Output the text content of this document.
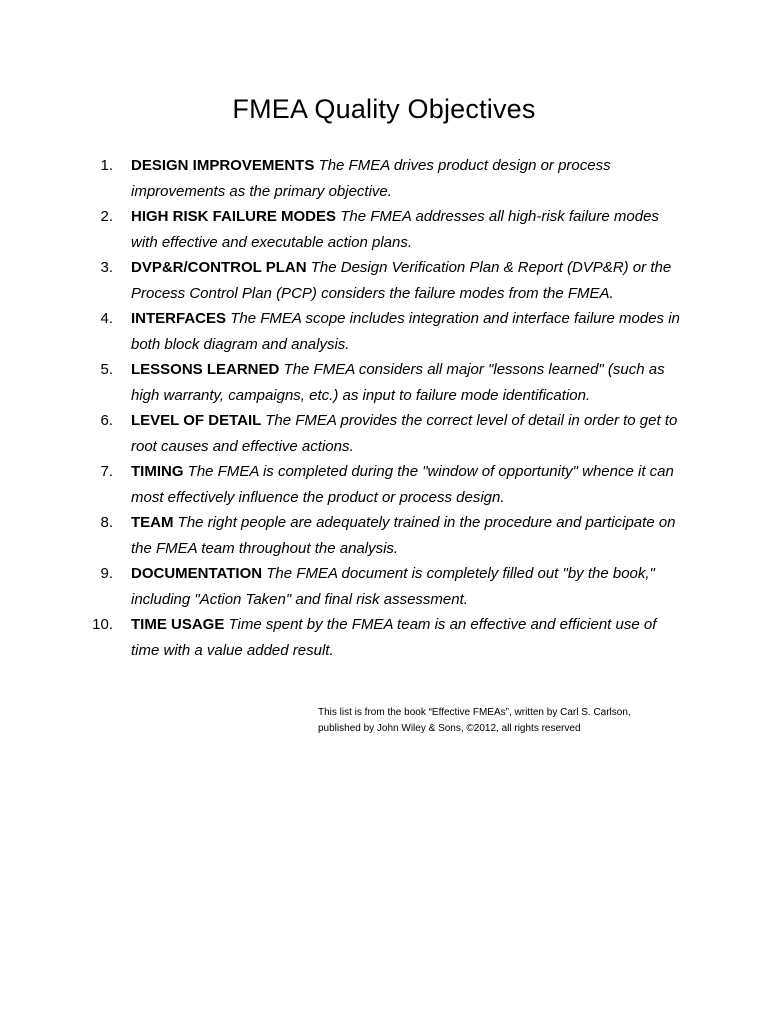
FMEA Quality Objectives
1. DESIGN IMPROVEMENTS The FMEA drives product design or process improvements as the primary objective.
2. HIGH RISK FAILURE MODES The FMEA addresses all high-risk failure modes with effective and executable action plans.
3. DVP&R/CONTROL PLAN The Design Verification Plan & Report (DVP&R) or the Process Control Plan (PCP) considers the failure modes from the FMEA.
4. INTERFACES The FMEA scope includes integration and interface failure modes in both block diagram and analysis.
5. LESSONS LEARNED The FMEA considers all major "lessons learned" (such as high warranty, campaigns, etc.) as input to failure mode identification.
6. LEVEL OF DETAIL The FMEA provides the correct level of detail in order to get to root causes and effective actions.
7. TIMING The FMEA is completed during the "window of opportunity" whence it can most effectively influence the product or process design.
8. TEAM The right people are adequately trained in the procedure and participate on the FMEA team throughout the analysis.
9. DOCUMENTATION The FMEA document is completely filled out "by the book," including "Action Taken" and final risk assessment.
10. TIME USAGE Time spent by the FMEA team is an effective and efficient use of time with a value added result.

This list is from the book “Effective FMEAs”, written by Carl S. Carlson, published by John Wiley & Sons, ©2012, all rights reserved
